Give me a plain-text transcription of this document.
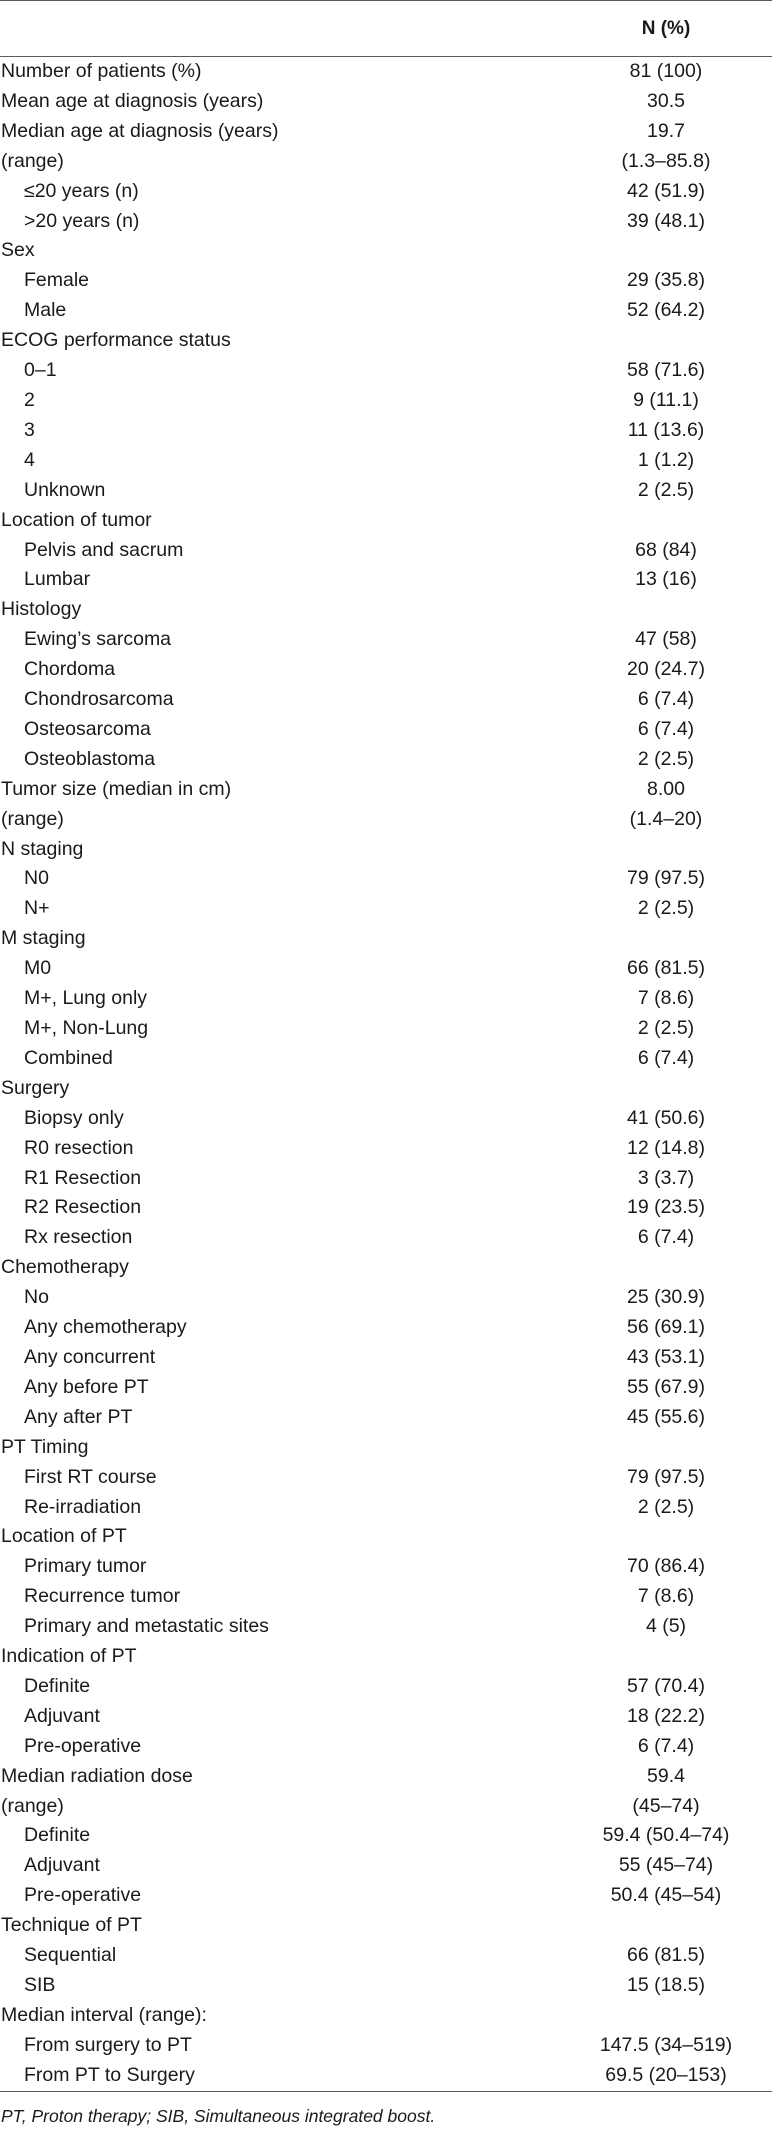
	N (%)
Number of patients (%)	81 (100)
Mean age at diagnosis (years)	30.5
Median age at diagnosis (years)	19.7
(range)	(1.3–85.8)
≤20 years (n)	42 (51.9)
>20 years (n)	39 (48.1)
Sex	
Female	29 (35.8)
Male	52 (64.2)
ECOG performance status	
0–1	58 (71.6)
2	9 (11.1)
3	11 (13.6)
4	1 (1.2)
Unknown	2 (2.5)
Location of tumor	
Pelvis and sacrum	68 (84)
Lumbar	13 (16)
Histology	
Ewing’s sarcoma	47 (58)
Chordoma	20 (24.7)
Chondrosarcoma	6 (7.4)
Osteosarcoma	6 (7.4)
Osteoblastoma	2 (2.5)
Tumor size (median in cm)	8.00
(range)	(1.4–20)
N staging	
N0	79 (97.5)
N+	2 (2.5)
M staging	
M0	66 (81.5)
M+, Lung only	7 (8.6)
M+, Non-Lung	2 (2.5)
Combined	6 (7.4)
Surgery	
Biopsy only	41 (50.6)
R0 resection	12 (14.8)
R1 Resection	3 (3.7)
R2 Resection	19 (23.5)
Rx resection	6 (7.4)
Chemotherapy	
No	25 (30.9)
Any chemotherapy	56 (69.1)
Any concurrent	43 (53.1)
Any before PT	55 (67.9)
Any after PT	45 (55.6)
PT Timing	
First RT course	79 (97.5)
Re-irradiation	2 (2.5)
Location of PT	
Primary tumor	70 (86.4)
Recurrence tumor	7 (8.6)
Primary and metastatic sites	4 (5)
Indication of PT	
Definite	57 (70.4)
Adjuvant	18 (22.2)
Pre-operative	6 (7.4)
Median radiation dose	59.4
(range)	(45–74)
Definite	59.4 (50.4–74)
Adjuvant	55 (45–74)
Pre-operative	50.4 (45–54)
Technique of PT	
Sequential	66 (81.5)
SIB	15 (18.5)
Median interval (range):	
From surgery to PT	147.5 (34–519)
From PT to Surgery	69.5 (20–153)
PT, Proton therapy; SIB, Simultaneous integrated boost.
